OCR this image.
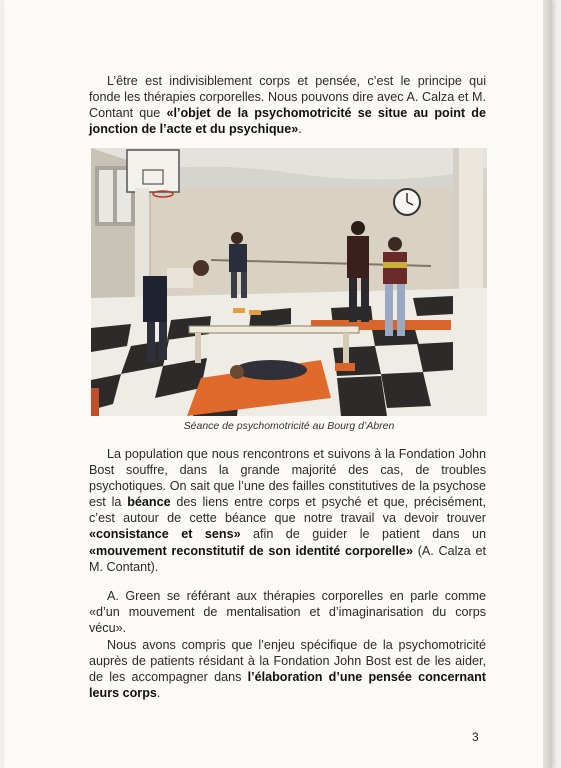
L’être est indivisiblement corps et pensée, c’est le principe qui fonde les thérapies corporelles. Nous pouvons dire avec A. Calza et M. Contant que «l’objet de la psychomotricité se situe au point de jonction de l’acte et du psychique».

Séance de psychomotricité au Bourg d’Abren

La population que nous rencontrons et suivons à la Fondation John Bost souffre, dans la grande majorité des cas, de troubles psychotiques. On sait que l’une des failles constitutives de la psychose est la béance des liens entre corps et psyché et que, précisément, c’est autour de cette béance que notre travail va devoir trouver «consistance et sens» afin de guider le patient dans un «mouvement reconstitutif de son identité corporelle» (A. Calza et M. Contant).

A. Green se référant aux thérapies corporelles en parle comme «d’un mouvement de mentalisation et d’imaginarisation du corps vécu».

Nous avons compris que l’enjeu spécifique de la psychomotricité auprès de patients résidant à la Fondation John Bost est de les aider, de les accompagner dans l’élaboration d’une pensée concernant leurs corps.

3
